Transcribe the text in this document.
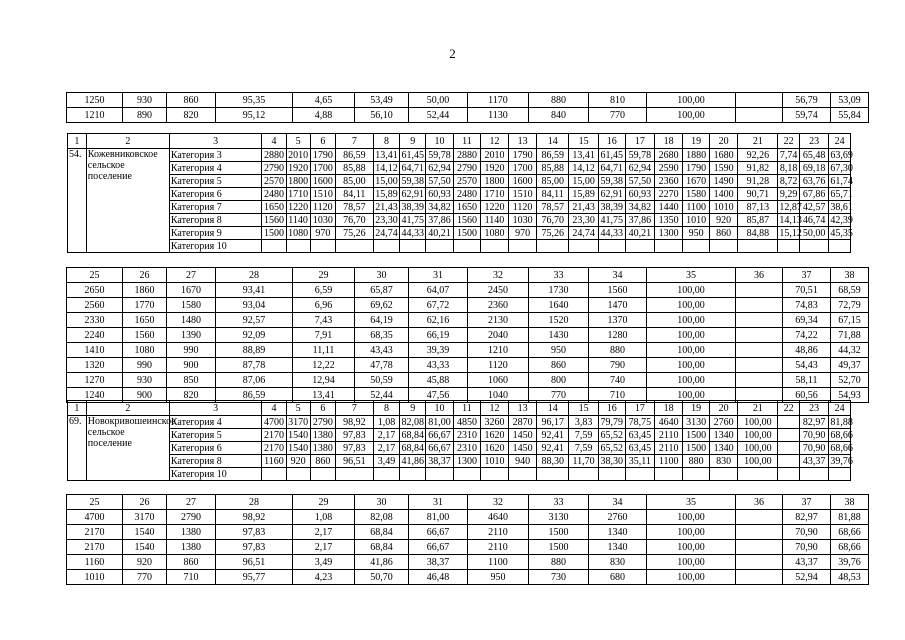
2
1250	930	860	95,35	4,65	53,49	50,00	1170	880	810	100,00		56,79	53,09
1210	890	820	95,12	4,88	56,10	52,44	1130	840	770	100,00		59,74	55,84
1	2	3	4	5	6	7	8	9	10	11	12	13	14	15	16	17	18	19	20	21	22	23	24
54.	Кожевниковское сельское поселение	Категория 3	2880	2010	1790	86,59	13,41	61,45	59,78	2880	2010	1790	86,59	13,41	61,45	59,78	2680	1880	1680	92,26	7,74	65,48	63,69
		Категория 4	2790	1920	1700	85,88	14,12	64,71	62,94	2790	1920	1700	85,88	14,12	64,71	62,94	2590	1790	1590	91,82	8,18	69,18	67,30
		Категория 5	2570	1800	1600	85,00	15,00	59,38	57,50	2570	1800	1600	85,00	15,00	59,38	57,50	2360	1670	1490	91,28	8,72	63,76	61,74
		Категория 6	2480	1710	1510	84,11	15,89	62,91	60,93	2480	1710	1510	84,11	15,89	62,91	60,93	2270	1580	1400	90,71	9,29	67,86	65,71
		Категория 7	1650	1220	1120	78,57	21,43	38,39	34,82	1650	1220	1120	78,57	21,43	38,39	34,82	1440	1100	1010	87,13	12,87	42,57	38,61
		Категория 8	1560	1140	1030	76,70	23,30	41,75	37,86	1560	1140	1030	76,70	23,30	41,75	37,86	1350	1010	920	85,87	14,13	46,74	42,39
		Категория 9	1500	1080	970	75,26	24,74	44,33	40,21	1500	1080	970	75,26	24,74	44,33	40,21	1300	950	860	84,88	15,12	50,00	45,35
		Категория 10																					
25	26	27	28	29	30	31	32	33	34	35	36	37	38
2650	1860	1670	93,41	6,59	65,87	64,07	2450	1730	1560	100,00		70,51	68,59
2560	1770	1580	93,04	6,96	69,62	67,72	2360	1640	1470	100,00		74,83	72,79
2330	1650	1480	92,57	7,43	64,19	62,16	2130	1520	1370	100,00		69,34	67,15
2240	1560	1390	92,09	7,91	68,35	66,19	2040	1430	1280	100,00		74,22	71,88
1410	1080	990	88,89	11,11	43,43	39,39	1210	950	880	100,00		48,86	44,32
1320	990	900	87,78	12,22	47,78	43,33	1120	860	790	100,00		54,43	49,37
1270	930	850	87,06	12,94	50,59	45,88	1060	800	740	100,00		58,11	52,70
1240	900	820	86,59	13,41	52,44	47,56	1040	770	710	100,00		60,56	54,93
1	2	3	4	5	6	7	8	9	10	11	12	13	14	15	16	17	18	19	20	21	22	23	24
69.	Новокривошеинское сельское поселение	Категория 4	4700	3170	2790	98,92	1,08	82,08	81,00	4850	3260	2870	96,17	3,83	79,79	78,75	4640	3130	2760	100,00		82,97	81,88
		Категория 5	2170	1540	1380	97,83	2,17	68,84	66,67	2310	1620	1450	92,41	7,59	65,52	63,45	2110	1500	1340	100,00		70,90	68,66
		Категория 6	2170	1540	1380	97,83	2,17	68,84	66,67	2310	1620	1450	92,41	7,59	65,52	63,45	2110	1500	1340	100,00		70,90	68,66
		Категория 8	1160	920	860	96,51	3,49	41,86	38,37	1300	1010	940	88,30	11,70	38,30	35,11	1100	880	830	100,00		43,37	39,76
		Категория 10																					
25	26	27	28	29	30	31	32	33	34	35	36	37	38
4700	3170	2790	98,92	1,08	82,08	81,00	4640	3130	2760	100,00		82,97	81,88
2170	1540	1380	97,83	2,17	68,84	66,67	2110	1500	1340	100,00		70,90	68,66
2170	1540	1380	97,83	2,17	68,84	66,67	2110	1500	1340	100,00		70,90	68,66
1160	920	860	96,51	3,49	41,86	38,37	1100	880	830	100,00		43,37	39,76
1010	770	710	95,77	4,23	50,70	46,48	950	730	680	100,00		52,94	48,53
